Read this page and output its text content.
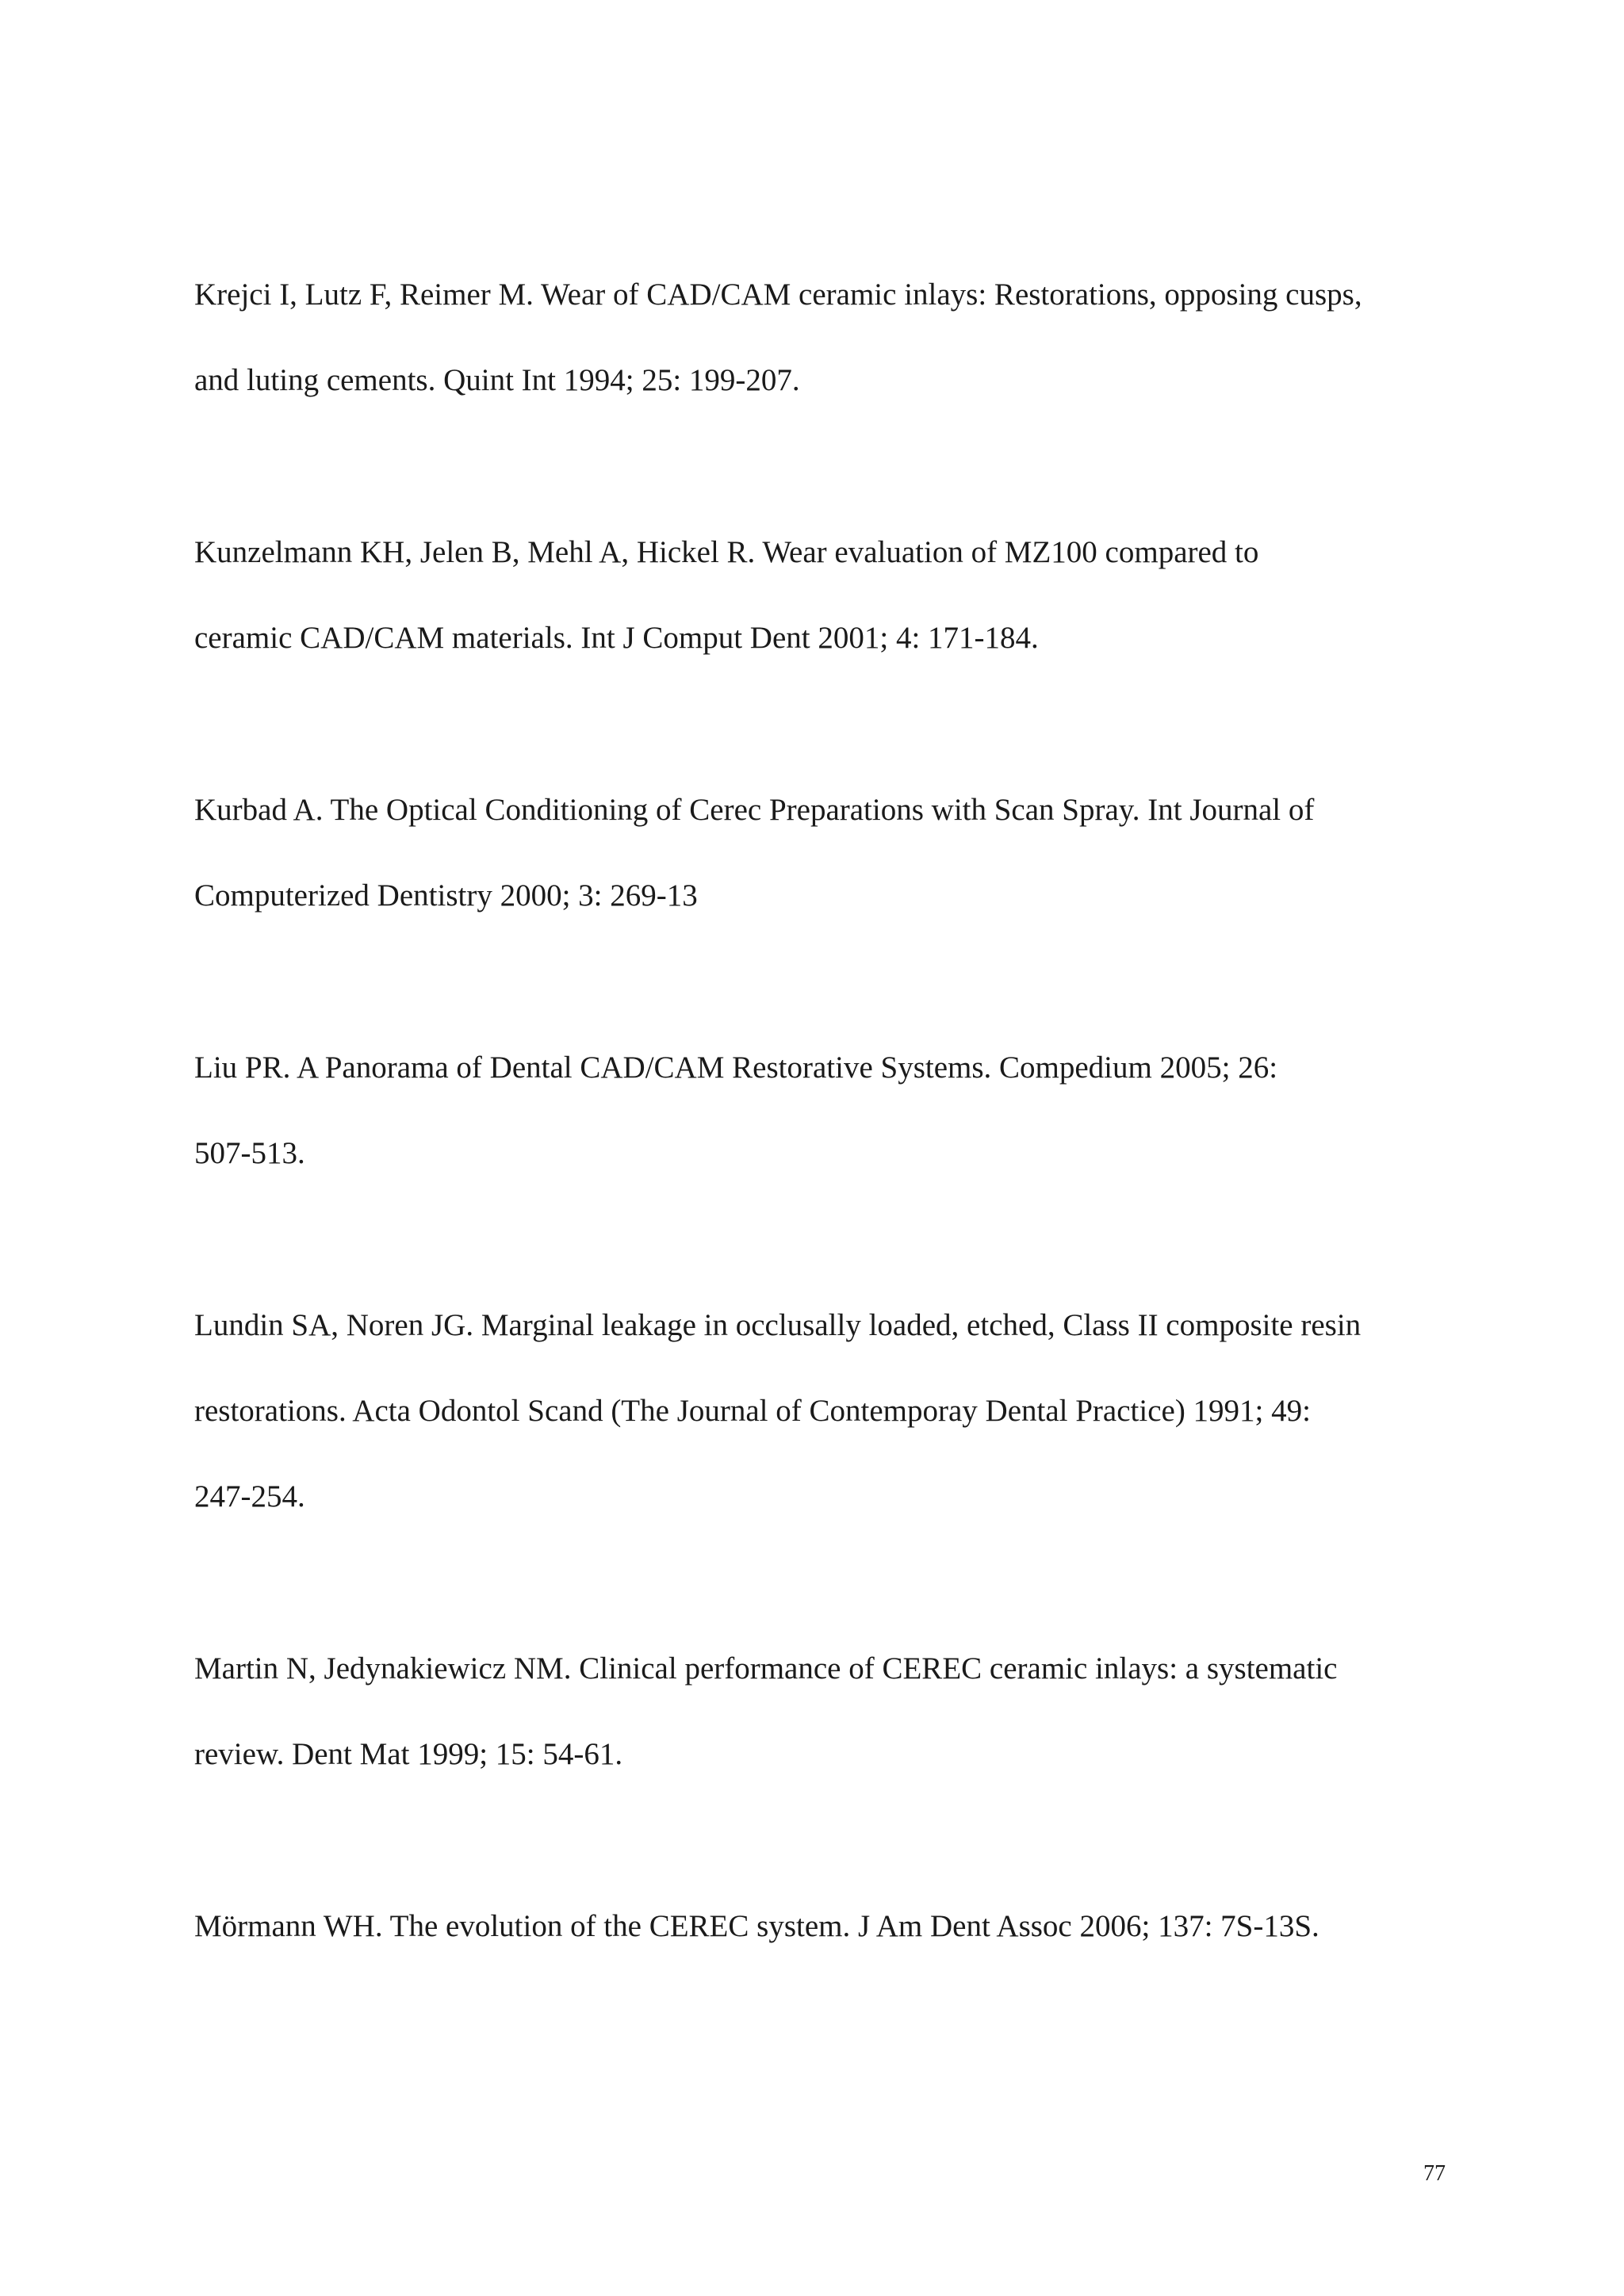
Krejci I, Lutz F, Reimer M. Wear of CAD/CAM ceramic inlays: Restorations, opposing cusps,
and luting cements. Quint Int 1994; 25: 199-207.
Kunzelmann KH, Jelen B, Mehl A, Hickel R. Wear evaluation of MZ100 compared to
ceramic CAD/CAM materials. Int J Comput Dent 2001; 4: 171-184.
Kurbad A. The Optical Conditioning of Cerec Preparations with Scan Spray. Int Journal of
Computerized Dentistry 2000; 3: 269-13
Liu PR. A Panorama of Dental CAD/CAM Restorative Systems. Compedium 2005; 26:
507-513.
Lundin SA, Noren JG. Marginal leakage in occlusally loaded, etched, Class II composite resin
restorations. Acta Odontol Scand (The Journal of Contemporay Dental Practice) 1991; 49:
247-254.
Martin N, Jedynakiewicz NM. Clinical performance of CEREC ceramic inlays: a systematic
review. Dent Mat 1999; 15: 54-61.
Mörmann WH. The evolution of the CEREC system. J Am Dent Assoc 2006; 137: 7S-13S.
77
